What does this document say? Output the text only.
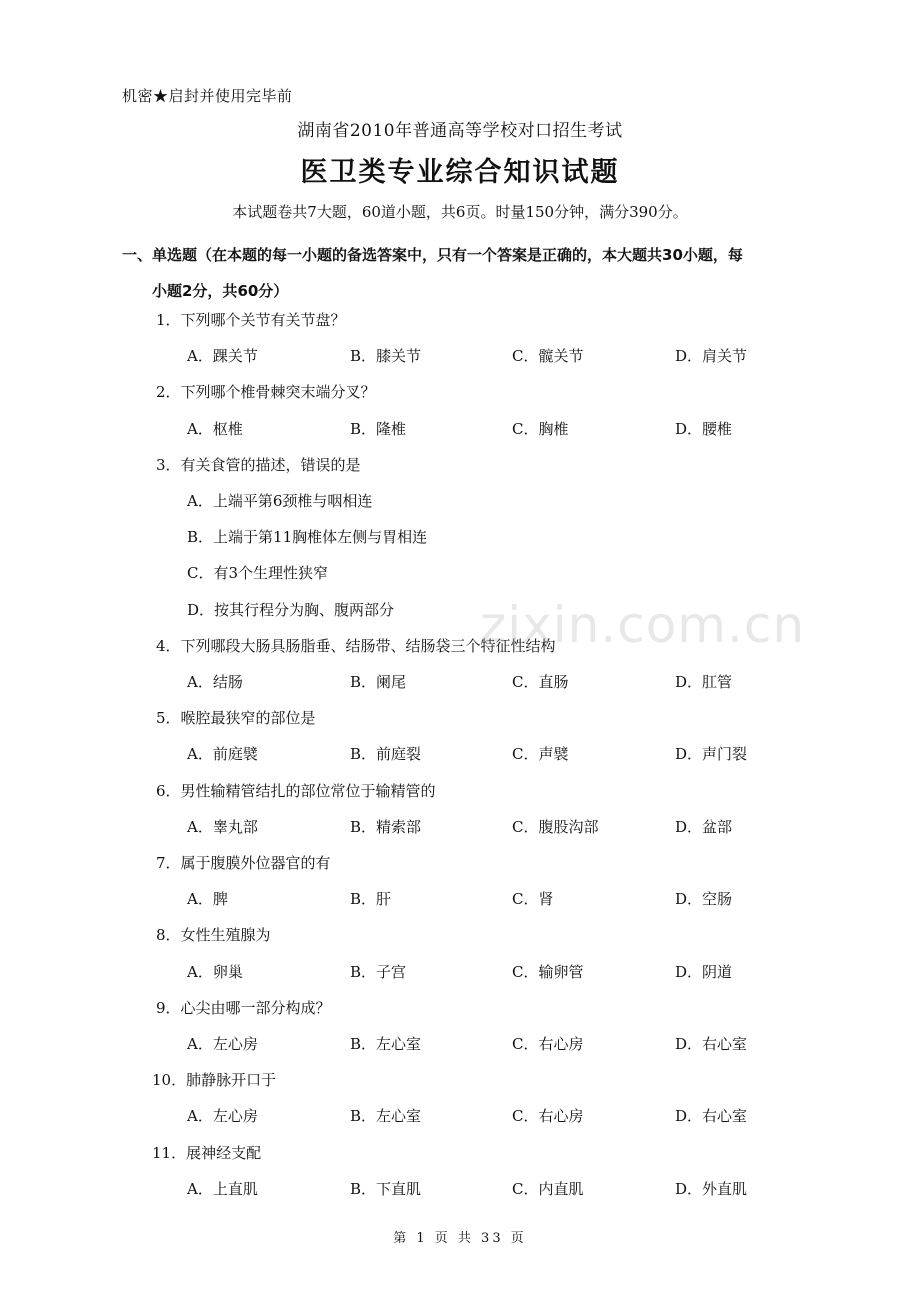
机密★启封并使用完毕前
湖南省2010年普通高等学校对口招生考试
医卫类专业综合知识试题
本试题卷共7大题，60道小题，共6页。时量150分钟，满分390分。
一、单选题（在本题的每一小题的备选答案中，只有一个答案是正确的，本大题共30小题，每
小题2分，共60分）
1．下列哪个关节有关节盘？
A．踝关节	B．膝关节	C．髋关节	D．肩关节
2．下列哪个椎骨棘突末端分叉？
A．枢椎	B．隆椎	C．胸椎	D．腰椎
3．有关食管的描述，错误的是
A．上端平第6颈椎与咽相连
B．上端于第11胸椎体左侧与胃相连
C．有3个生理性狭窄
D．按其行程分为胸、腹两部分
4．下列哪段大肠具肠脂垂、结肠带、结肠袋三个特征性结构
A．结肠	B．阑尾	C．直肠	D．肛管
5．喉腔最狭窄的部位是
A．前庭襞	B．前庭裂	C．声襞	D．声门裂
6．男性输精管结扎的部位常位于输精管的
A．睾丸部	B．精索部	C．腹股沟部	D．盆部
7．属于腹膜外位器官的有
A．脾	B．肝	C．肾	D．空肠
8．女性生殖腺为
A．卵巢	B．子宫	C．输卵管	D．阴道
9．心尖由哪一部分构成？
A．左心房	B．左心室	C．右心房	D．右心室
10．肺静脉开口于
A．左心房	B．左心室	C．右心房	D．右心室
11．展神经支配
A．上直肌	B．下直肌	C．内直肌	D．外直肌
zixin.com.cn
第 1 页 共 33 页
